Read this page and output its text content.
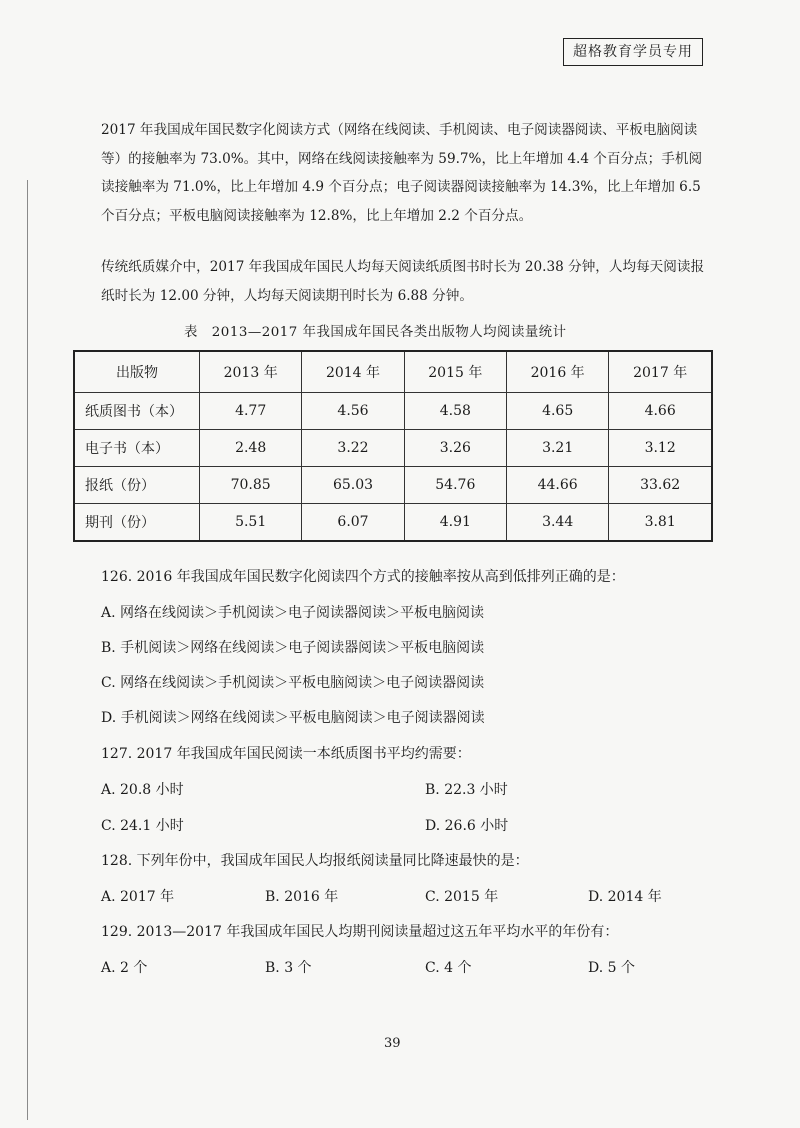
超格教育学员专用

2017 年我国成年国民数字化阅读方式（网络在线阅读、手机阅读、电子阅读器阅读、平板电脑阅读等）的接触率为 73.0%。其中，网络在线阅读接触率为 59.7%，比上年增加 4.4 个百分点；手机阅读接触率为 71.0%，比上年增加 4.9 个百分点；电子阅读器阅读接触率为 14.3%，比上年增加 6.5 个百分点；平板电脑阅读接触率为 12.8%，比上年增加 2.2 个百分点。

传统纸质媒介中，2017 年我国成年国民人均每天阅读纸质图书时长为 20.38 分钟，人均每天阅读报纸时长为 12.00 分钟，人均每天阅读期刊时长为 6.88 分钟。

表　2013—2017 年我国成年国民各类出版物人均阅读量统计
出版物	2013 年	2014 年	2015 年	2016 年	2017 年
纸质图书（本）	4.77	4.56	4.58	4.65	4.66
电子书（本）	2.48	3.22	3.26	3.21	3.12
报纸（份）	70.85	65.03	54.76	44.66	33.62
期刊（份）	5.51	6.07	4.91	3.44	3.81

126. 2016 年我国成年国民数字化阅读四个方式的接触率按从高到低排列正确的是：

A. 网络在线阅读＞手机阅读＞电子阅读器阅读＞平板电脑阅读

B. 手机阅读＞网络在线阅读＞电子阅读器阅读＞平板电脑阅读

C. 网络在线阅读＞手机阅读＞平板电脑阅读＞电子阅读器阅读

D. 手机阅读＞网络在线阅读＞平板电脑阅读＞电子阅读器阅读

127. 2017 年我国成年国民阅读一本纸质图书平均约需要：

A. 20.8 小时	B. 22.3 小时

C. 24.1 小时	D. 26.6 小时

128. 下列年份中，我国成年国民人均报纸阅读量同比降速最快的是：

A. 2017 年	B. 2016 年	C. 2015 年	D. 2014 年

129. 2013—2017 年我国成年国民人均期刊阅读量超过这五年平均水平的年份有：

A. 2 个	B. 3 个	C. 4 个	D. 5 个

39
